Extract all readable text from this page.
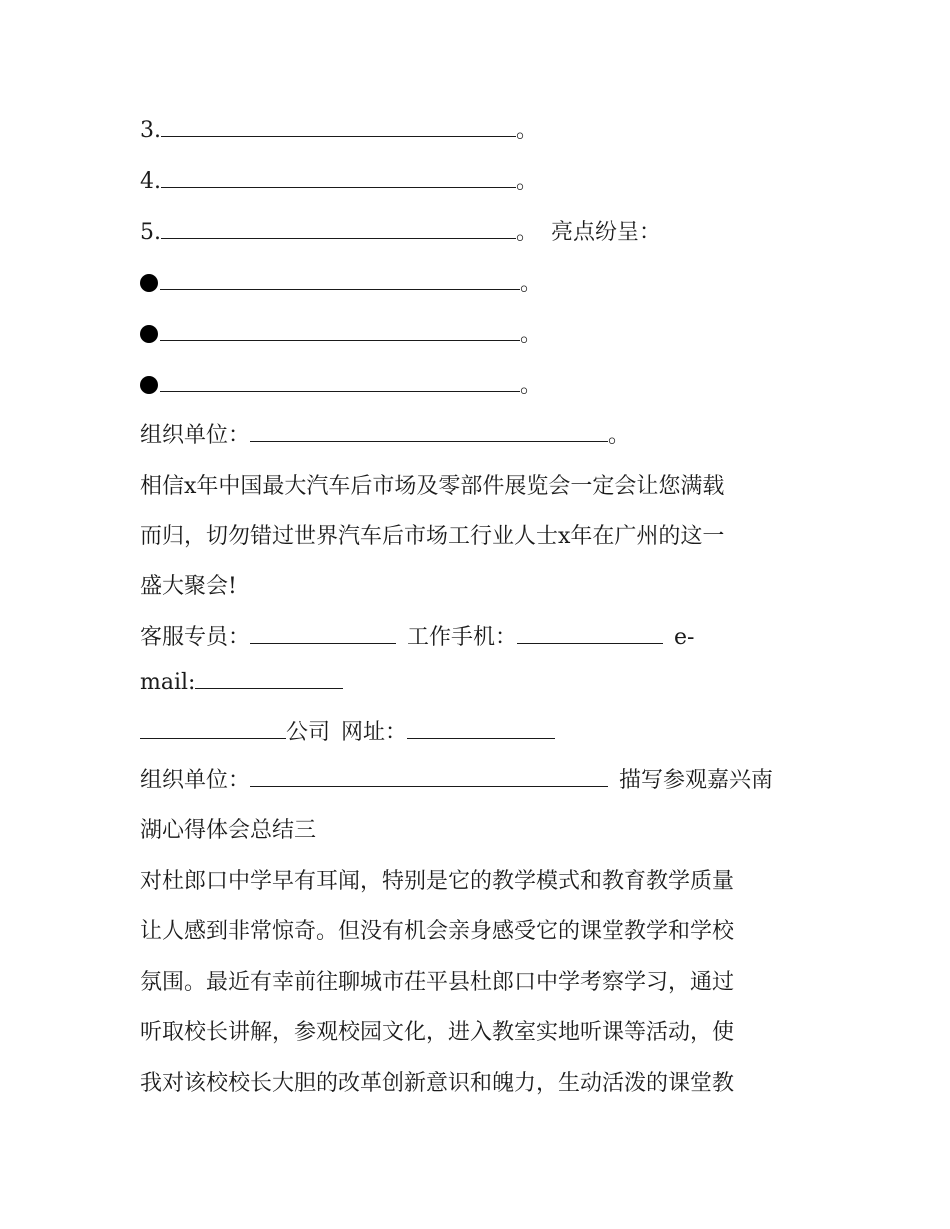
3.	。
4.	。
5.	。 亮点纷呈：
。
。
。
组织单位：	。
相信x年中国最大汽车后市场及零部件展览会一定会让您满载
而归，切勿错过世界汽车后市场工行业人士x年在广州的这一
盛大聚会!
客服专员：	工作手机：	e-
mail:
公司 网址：
组织单位：	描写参观嘉兴南
湖心得体会总结三
对杜郎口中学早有耳闻，特别是它的教学模式和教育教学质量
让人感到非常惊奇。但没有机会亲身感受它的课堂教学和学校
氛围。最近有幸前往聊城市茌平县杜郎口中学考察学习，通过
听取校长讲解，参观校园文化，进入教室实地听课等活动，使
我对该校校长大胆的改革创新意识和魄力，生动活泼的课堂教
